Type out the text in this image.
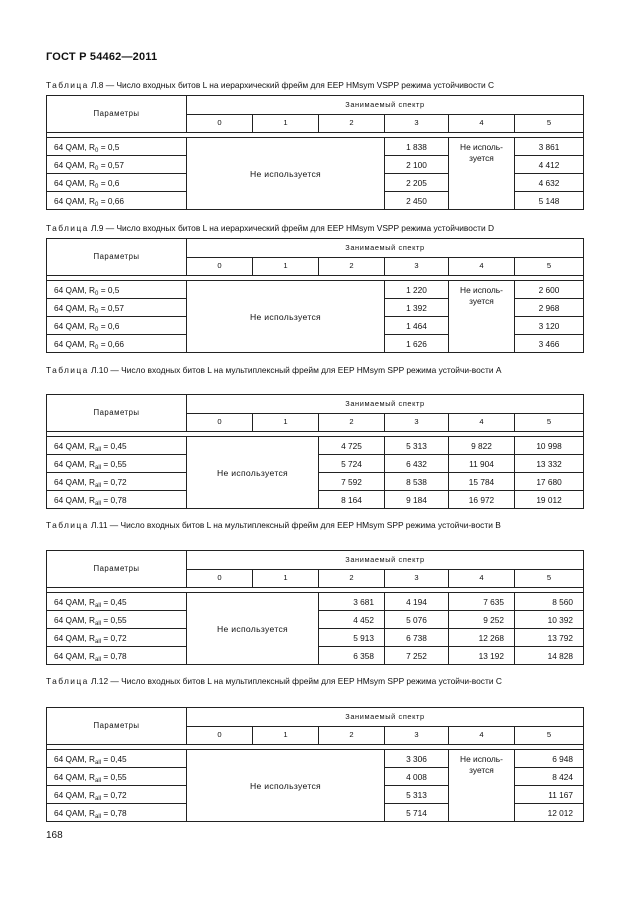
ГОСТ Р 54462—2011
Таблица Л.8 — Число входных битов L на иерархический фрейм для EEP HMsym VSPP режима устойчивости С
Параметры	Занимаемый спектр					
	0	1	2	3	4	5

64 QAM, $R_0 = 0,5$	Не используется			1 838	Не исполь-
зуется	3 861
64 QAM, $R_0 = 0,57$				2 100		4 412
64 QAM, $R_0 = 0,6$				2 205		4 632
64 QAM, $R_0 = 0,66$				2 450		5 148
Таблица Л.9 — Число входных битов L на иерархический фрейм для EEP HMsym VSPP режима устойчивости D
Параметры	Занимаемый спектр					
	0	1	2	3	4	5

64 QAM, $R_0 = 0,5$	Не используется			1 220	Не исполь-
зуется	2 600
64 QAM, $R_0 = 0,57$				1 392		2 968
64 QAM, $R_0 = 0,6$				1 464		3 120
64 QAM, $R_0 = 0,66$				1 626		3 466
Таблица Л.10 — Число входных битов L на мультиплексный фрейм для EEP HMsym SPP режима устойчи-вости А
Параметры	Занимаемый спектр					
	0	1	2	3	4	5

64 QAM, $R_{all} = 0,45$	Не используется		4 725	5 313	9 822	10 998
64 QAM, $R_{all} = 0,55$			5 724	6 432	11 904	13 332
64 QAM, $R_{all} = 0,72$			7 592	8 538	15 784	17 680
64 QAM, $R_{all} = 0,78$			8 164	9 184	16 972	19 012
Таблица Л.11 — Число входных битов L на мультиплексный фрейм для EEP HMsym SPP режима устойчи-вости В
Параметры	Занимаемый спектр					
	0	1	2	3	4	5

64 QAM, $R_{all} = 0,45$	Не используется		3 681	4 194	7 635	8 560
64 QAM, $R_{all} = 0,55$			4 452	5 076	9 252	10 392
64 QAM, $R_{all} = 0,72$			5 913	6 738	12 268	13 792
64 QAM, $R_{all} = 0,78$			6 358	7 252	13 192	14 828
Таблица Л.12 — Число входных битов L на мультиплексный фрейм для EEP HMsym SPP режима устойчи-вости С
Параметры	Занимаемый спектр					
	0	1	2	3	4	5

64 QAM, $R_{all} = 0,45$	Не используется			3 306	Не исполь-
зуется	6 948
64 QAM, $R_{all} = 0,55$				4 008		8 424
64 QAM, $R_{all} = 0,72$				5 313		11 167
64 QAM, $R_{all} = 0,78$				5 714		12 012
168
